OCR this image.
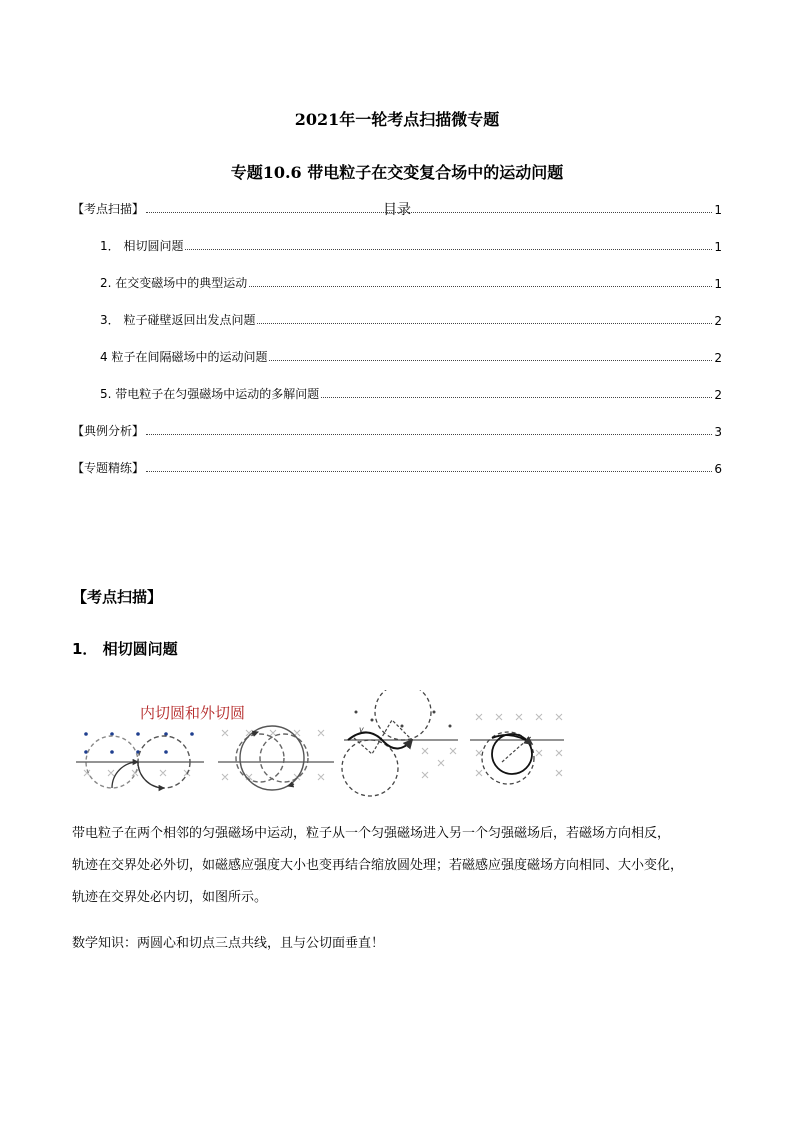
2021年一轮考点扫描微专题
专题10.6 带电粒子在交变复合场中的运动问题
目录
【考点扫描】	1
1． 相切圆问题	1
2. 在交变磁场中的典型运动	1
3． 粒子碰壁返回出发点问题	2
4 粒子在间隔磁场中的运动问题	2
5. 带电粒子在匀强磁场中运动的多解问题	2
【典例分析】	3
【专题精练】	6
【考点扫描】
1． 相切圆问题
内切圆和外切圆
v
带电粒子在两个相邻的匀强磁场中运动，粒子从一个匀强磁场进入另一个匀强磁场后，若磁场方向相反，
轨迹在交界处必外切，如磁感应强度大小也变再结合缩放圆处理；若磁感应强度磁场方向相同、大小变化，
轨迹在交界处必内切，如图所示。
数学知识：两圆心和切点三点共线，且与公切面垂直！
